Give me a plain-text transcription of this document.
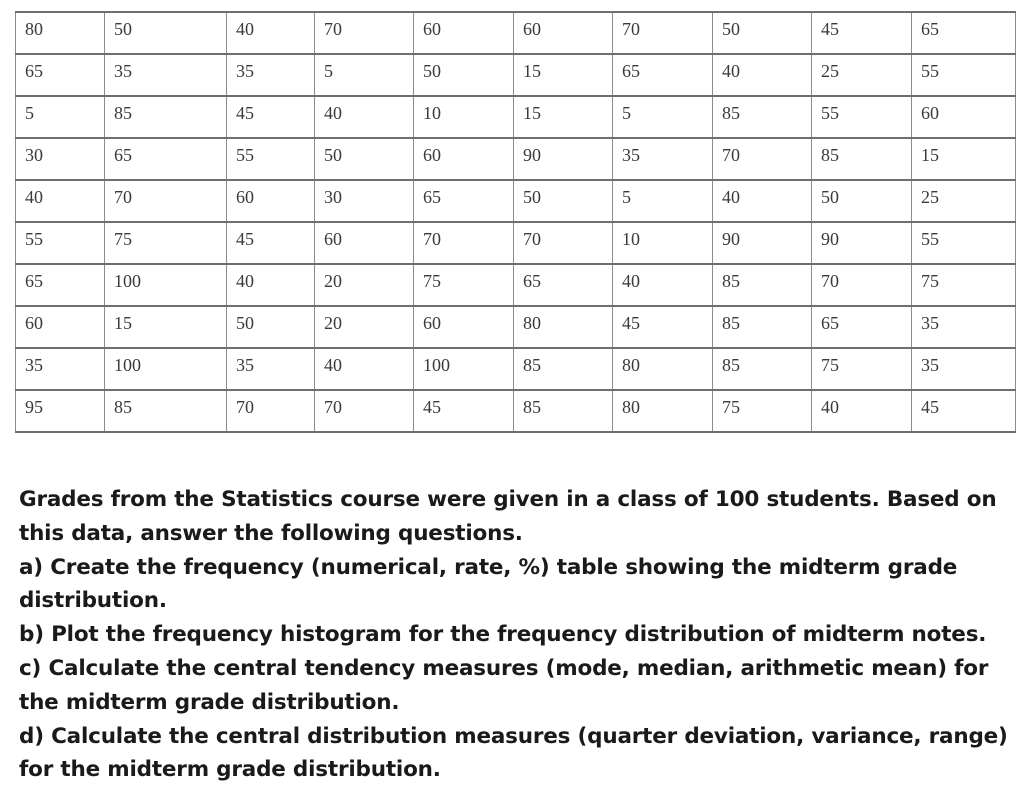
80	50	40	70	60	60	70	50	45	65
65	35	35	5	50	15	65	40	25	55
5	85	45	40	10	15	5	85	55	60
30	65	55	50	60	90	35	70	85	15
40	70	60	30	65	50	5	40	50	25
55	75	45	60	70	70	10	90	90	55
65	100	40	20	75	65	40	85	70	75
60	15	50	20	60	80	45	85	65	35
35	100	35	40	100	85	80	85	75	35
95	85	70	70	45	85	80	75	40	45

Grades from the Statistics course were given in a class of 100 students. Based on this data, answer the following questions.

a) Create the frequency (numerical, rate, %) table showing the midterm grade distribution.

b) Plot the frequency histogram for the frequency distribution of midterm notes.

c) Calculate the central tendency measures (mode, median, arithmetic mean) for the midterm grade distribution.

d) Calculate the central distribution measures (quarter deviation, variance, range) for the midterm grade distribution.
